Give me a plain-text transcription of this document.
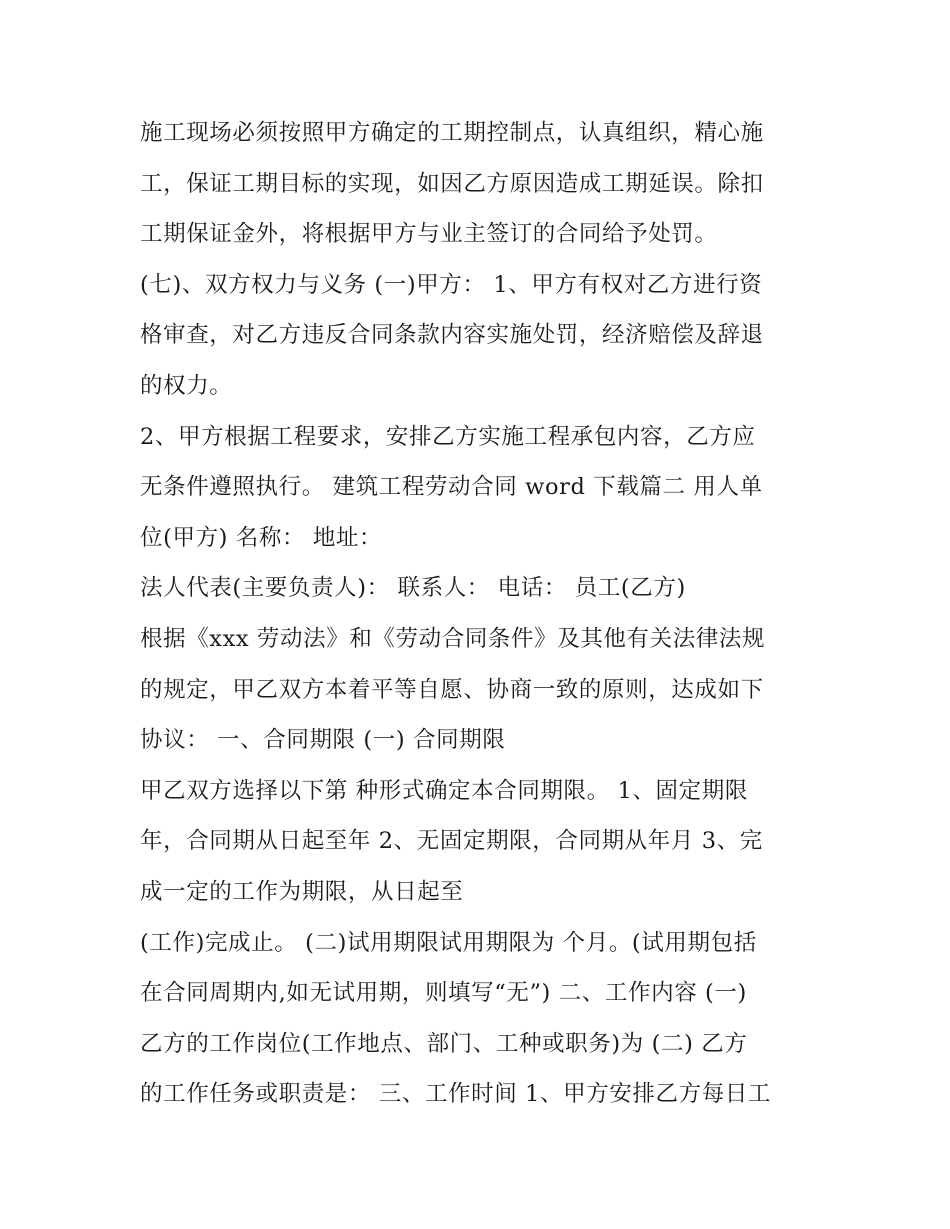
施工现场必须按照甲方确定的工期控制点，认真组织，精心施
工，保证工期目标的实现，如因乙方原因造成工期延误。除扣
工期保证金外，将根据甲方与业主签订的合同给予处罚。
(七)、双方权力与义务 (一)甲方： 1、甲方有权对乙方进行资
格审查，对乙方违反合同条款内容实施处罚，经济赔偿及辞退
的权力。
2、甲方根据工程要求，安排乙方实施工程承包内容，乙方应
无条件遵照执行。 建筑工程劳动合同 word 下载篇二 用人单
位(甲方) 名称： 地址：
法人代表(主要负责人)： 联系人： 电话： 员工(乙方)
根据《xxx 劳动法》和《劳动合同条件》及其他有关法律法规
的规定，甲乙双方本着平等自愿、协商一致的原则，达成如下
协议： 一、合同期限 (一) 合同期限
甲乙双方选择以下第 种形式确定本合同期限。 1、固定期限
年，合同期从日起至年 2、无固定期限，合同期从年月 3、完
成一定的工作为期限，从日起至
(工作)完成止。 (二)试用期限试用期限为 个月。(试用期包括
在合同周期内,如无试用期，则填写“无”) 二、工作内容 (一)
乙方的工作岗位(工作地点、部门、工种或职务)为 (二) 乙方
的工作任务或职责是： 三、工作时间 1、甲方安排乙方每日工
